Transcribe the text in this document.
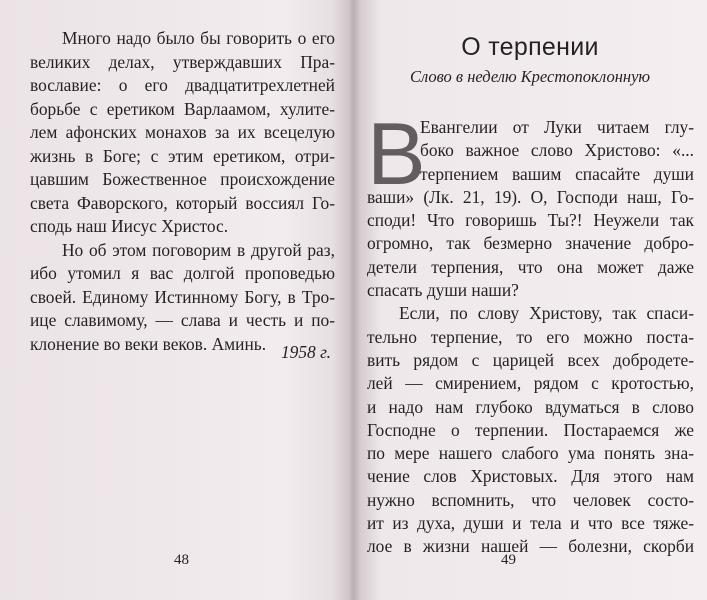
Много надо было бы говорить о его
великих делах, утверждавших Пра-
вославие: о его двадцатитрехлетней
борьбе с еретиком Варлаамом, хулите-
лем афонских монахов за их всецелую
жизнь в Боге; с этим еретиком, отри-
цавшим Божественное происхождение
света Фаворского, который воссиял Го-
сподь наш Иисус Христос.
Но об этом поговорим в другой раз,
ибо утомил я вас долгой проповедью
своей. Единому Истинному Богу, в Тро-
ице славимому, — слава и честь и по-
клонение во веки веков. Аминь. 1958 г.
48
О терпении
Слово в неделю Крестопоклонную
В
Евангелии от Луки читаем глу-
боко важное слово Христово: «...
терпением вашим спасайте души
ваши» (Лк. 21, 19). О, Господи наш, Го-
споди! Что говоришь Ты?! Неужели так
огромно, так безмерно значение добро-
детели терпения, что она может даже
спасать души наши?
Если, по слову Христову, так спаси-
тельно терпение, то его можно поста-
вить рядом с царицей всех добродете-
лей — смирением, рядом с кротостью,
и надо нам глубоко вдуматься в слово
Господне о терпении. Постараемся же
по мере нашего слабого ума понять зна-
чение слов Христовых. Для этого нам
нужно вспомнить, что человек состо-
ит из духа, души и тела и что все тяже-
лое в жизни нашей — болезни, скорби
49
